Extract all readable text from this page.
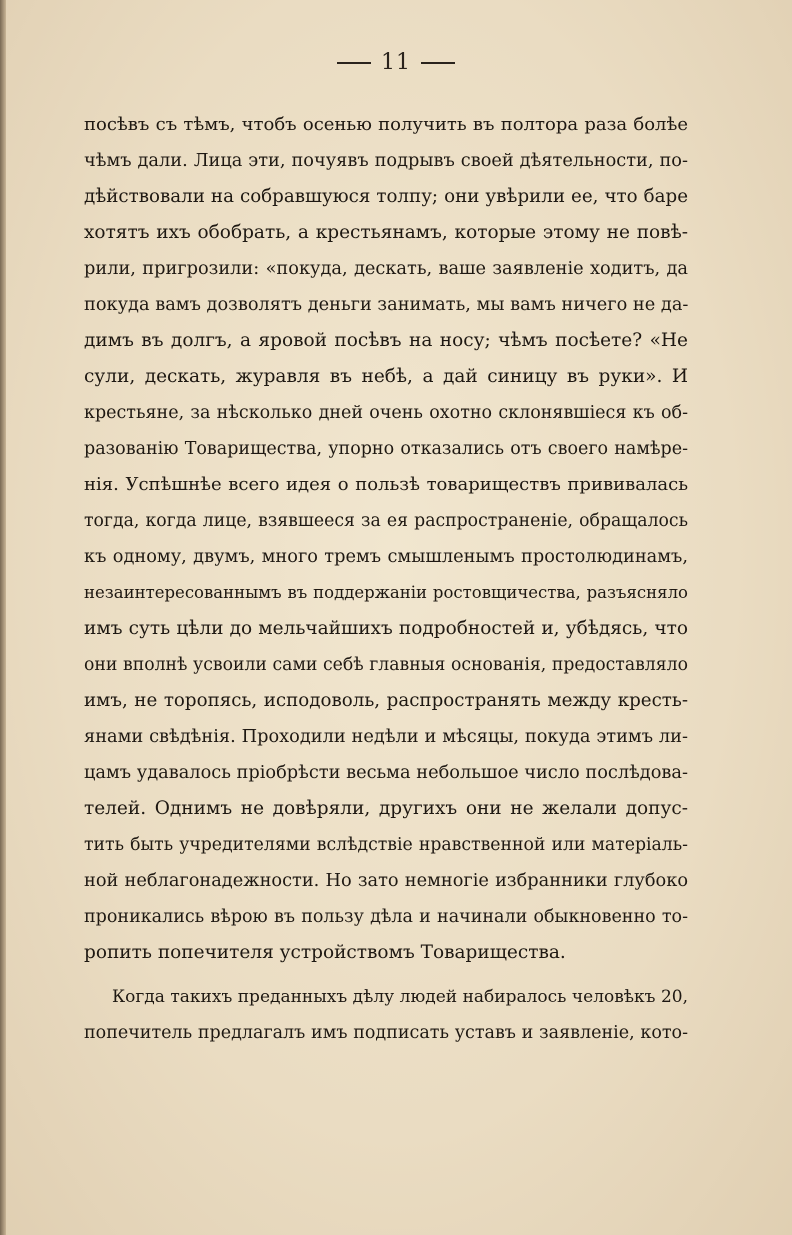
11
посѣвъ съ тѣмъ, чтобъ осенью получить въ полтора раза болѣе
чѣмъ дали. Лица эти, почуявъ подрывъ своей дѣятельности, по-
дѣйствовали на собравшуюся толпу; они увѣрили ее, что баре
хотятъ ихъ обобрать, а крестьянамъ, которые этому не повѣ-
рили, пригрозили: «покуда, дескать, ваше заявленіе ходитъ, да
покуда вамъ дозволятъ деньги занимать, мы вамъ ничего не да-
димъ въ долгъ, а яровой посѣвъ на носу; чѣмъ посѣете? «Не
сули, дескать, журавля въ небѣ, а дай синицу въ руки». И
крестьяне, за нѣсколько дней очень охотно склонявшіеся къ об-
разованію Товарищества, упорно отказались отъ своего намѣре-
нія. Успѣшнѣе всего идея о пользѣ товариществъ прививалась
тогда, когда лице, взявшееся за ея распространеніе, обращалось
къ одному, двумъ, много тремъ смышленымъ простолюдинамъ,
незаинтересованнымъ въ поддержаніи ростовщичества, разъясняло
имъ суть цѣли до мельчайшихъ подробностей и, убѣдясь, что
они вполнѣ усвоили сами себѣ главныя основанія, предоставляло
имъ, не торопясь, исподоволь, распространять между кресть-
янами свѣдѣнія. Проходили недѣли и мѣсяцы, покуда этимъ ли-
цамъ удавалось пріобрѣсти весьма небольшое число послѣдова-
телей. Однимъ не довѣряли, другихъ они не желали допус-
тить быть учредителями вслѣдствіе нравственной или матеріаль-
ной неблагонадежности. Но зато немногіе избранники глубоко
проникались вѣрою въ пользу дѣла и начинали обыкновенно то-
ропить попечителя устройствомъ Товарищества.
Когда такихъ преданныхъ дѣлу людей набиралось человѣкъ 20,
попечитель предлагалъ имъ подписать уставъ и заявленіе, кото-
